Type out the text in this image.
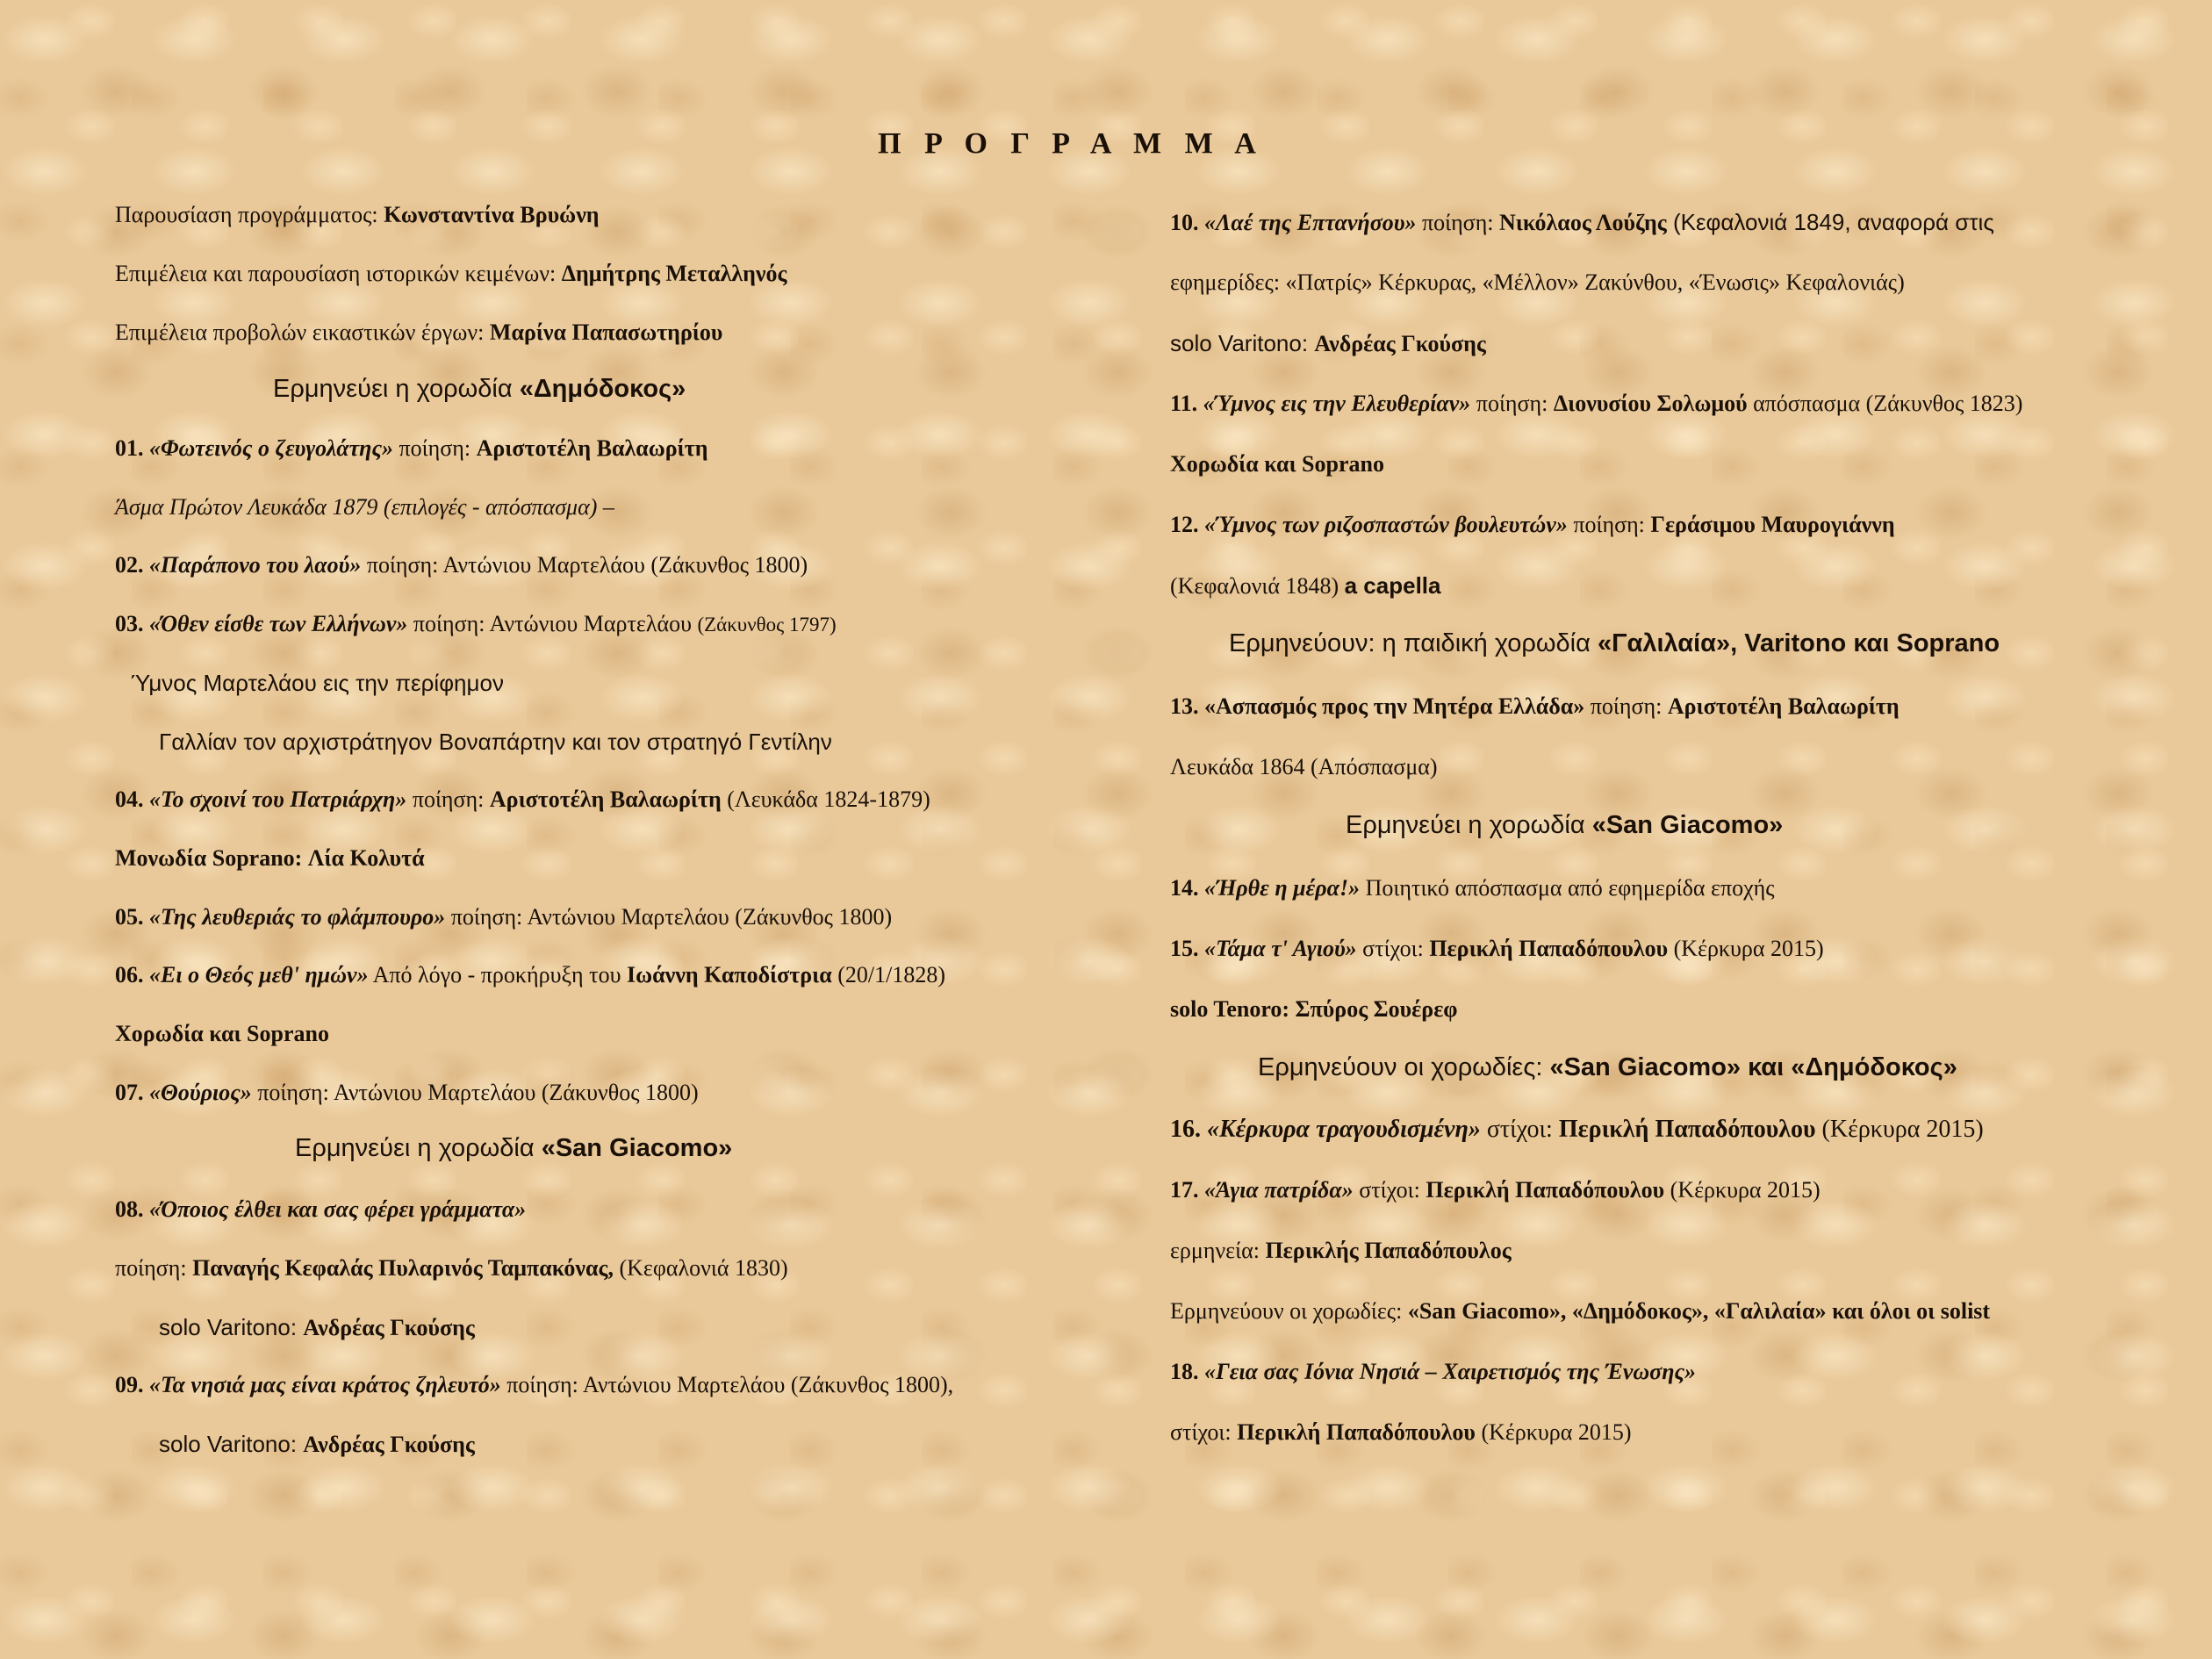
Π Ρ Ο Γ Ρ Α Μ Μ Α
Παρουσίαση προγράμματος: Κωνσταντίνα Βρυώνη
Επιμέλεια και παρουσίαση ιστορικών κειμένων: Δημήτρης Μεταλληνός
Επιμέλεια προβολών εικαστικών έργων: Μαρίνα Παπασωτηρίου
Ερμηνεύει η χορωδία «Δημόδοκος»
01. «Φωτεινός ο ζευγολάτης» ποίηση: Αριστοτέλη Βαλαωρίτη
Άσμα Πρώτον Λευκάδα 1879 (επιλογές - απόσπασμα) –
02. «Παράπονο του λαού» ποίηση: Αντώνιου Μαρτελάου (Ζάκυνθος 1800)
03. «Όθεν είσθε των Ελλήνων» ποίηση: Αντώνιου Μαρτελάου (Ζάκυνθος 1797)
Ύμνος Μαρτελάου εις την περίφημον
Γαλλίαν τον αρχιστράτηγον Βοναπάρτην και τον στρατηγό Γεντίλην
04. «Το σχοινί του Πατριάρχη» ποίηση: Αριστοτέλη Βαλαωρίτη (Λευκάδα 1824-1879)
Μονωδία Soprano: Λία Κολυτά
05. «Της λευθεριάς το φλάμπουρο» ποίηση: Αντώνιου Μαρτελάου (Ζάκυνθος 1800)
06. «Ει ο Θεός μεθ' ημών» Από λόγο - προκήρυξη του Ιωάννη Καποδίστρια (20/1/1828)
Χορωδία και Soprano
07. «Θούριος» ποίηση: Αντώνιου Μαρτελάου (Ζάκυνθος 1800)
Ερμηνεύει η χορωδία «San Giacomo»
08. «Όποιος έλθει και σας φέρει γράμματα»
ποίηση: Παναγής Κεφαλάς Πυλαρινός Ταμπακόνας, (Κεφαλονιά 1830)
solo Varitono: Ανδρέας Γκούσης
09. «Τα νησιά μας είναι κράτος ζηλευτό» ποίηση: Αντώνιου Μαρτελάου (Ζάκυνθος 1800),
solo Varitono: Ανδρέας Γκούσης
10. «Λαέ της Επτανήσου» ποίηση: Νικόλαος Λούζης (Κεφαλονιά 1849, αναφορά στις
εφημερίδες: «Πατρίς» Κέρκυρας, «Μέλλον» Ζακύνθου, «Ένωσις» Κεφαλονιάς)
solo Varitono: Ανδρέας Γκούσης
11. «Ύμνος εις την Ελευθερίαν» ποίηση: Διονυσίου Σολωμού απόσπασμα (Ζάκυνθος 1823)
Χορωδία και Soprano
12. «Ύμνος των ριζοσπαστών βουλευτών» ποίηση: Γεράσιμου Μαυρογιάννη
(Κεφαλονιά 1848) a capella
Ερμηνεύουν: η παιδική χορωδία «Γαλιλαία», Varitono και Soprano
13. «Ασπασμός προς την Μητέρα Ελλάδα» ποίηση: Αριστοτέλη Βαλαωρίτη
Λευκάδα 1864 (Απόσπασμα)
Ερμηνεύει η χορωδία «San Giacomo»
14. «Ήρθε η μέρα!» Ποιητικό απόσπασμα από εφημερίδα εποχής
15. «Τάμα τ' Αγιού» στίχοι: Περικλή Παπαδόπουλου (Κέρκυρα 2015)
solo Tenoro: Σπύρος Σουέρεφ
Ερμηνεύουν οι χορωδίες: «San Giacomo» και «Δημόδοκος»
16. «Κέρκυρα τραγουδισμένη» στίχοι: Περικλή Παπαδόπουλου (Κέρκυρα 2015)
17. «Άγια πατρίδα» στίχοι: Περικλή Παπαδόπουλου (Κέρκυρα 2015)
ερμηνεία: Περικλής Παπαδόπουλος
Ερμηνεύουν οι χορωδίες: «San Giacomo», «Δημόδοκος», «Γαλιλαία» και όλοι οι solist
18. «Γεια σας Ιόνια Νησιά – Χαιρετισμός της Ένωσης»
στίχοι: Περικλή Παπαδόπουλου (Κέρκυρα 2015)
